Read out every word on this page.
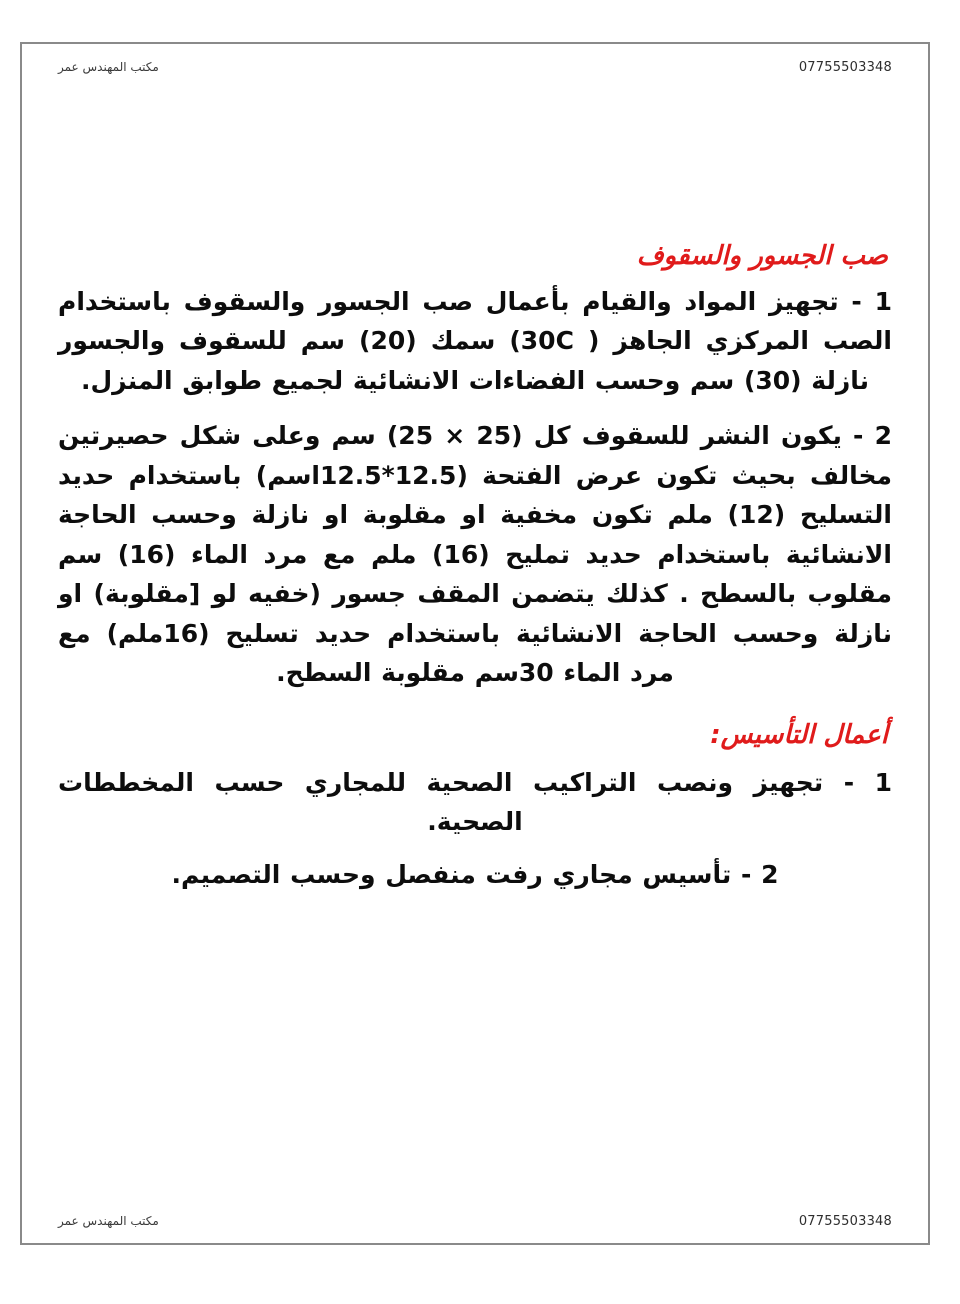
مكتب المهندس عمر	07755503348
صب الجسور والسقوف

1 - تجهيز المواد والقيام بأعمال صب الجسور والسقوف باستخدام الصب المركزي الجاهز ( 30C) سمك (20) سم للسقوف والجسور نازلة (30) سم وحسب الفضاءات الانشائية لجميع طوابق المنزل.

2 - يكون النشر للسقوف كل (25 × 25) سم وعلى شكل حصيرتين مخالف بحيث تكون عرض الفتحة (12.5*12.5اسم) باستخدام حديد التسليح (12) ملم تكون مخفية او مقلوبة او نازلة وحسب الحاجة الانشائية باستخدام حديد تمليح (16) ملم مع مرد الماء (16) سم مقلوب بالسطح . كذلك يتضمن المقف جسور (خفيه لو [مقلوبة) او نازلة وحسب الحاجة الانشائية باستخدام حديد تسليح (16ملم) مع مرد الماء 30سم مقلوبة السطح.

أعمال التأسيس:

1 - تجهيز ونصب التراكيب الصحية للمجاري حسب المخططات الصحية.

2 - تأسيس مجاري رفت منفصل وحسب التصميم.

مكتب المهندس عمر	07755503348
